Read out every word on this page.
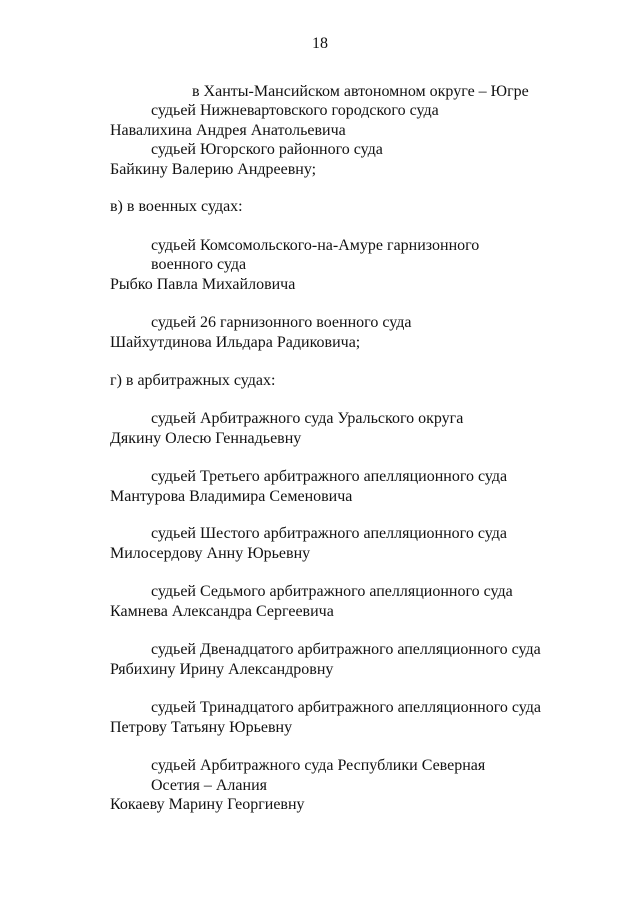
18
в Ханты-Мансийском автономном округе – Югре
судьей Нижневартовского городского суда
Навалихина Андрея Анатольевича
судьей Югорского районного суда
Байкину Валерию Андреевну;
в) в военных судах:
судьей Комсомольского-на-Амуре гарнизонного
военного суда
Рыбко Павла Михайловича
судьей 26 гарнизонного военного суда
Шайхутдинова Ильдара Радиковича;
г) в арбитражных судах:
судьей Арбитражного суда Уральского округа
Дякину Олесю Геннадьевну
судьей Третьего арбитражного апелляционного суда
Мантурова Владимира Семеновича
судьей Шестого арбитражного апелляционного суда
Милосердову Анну Юрьевну
судьей Седьмого арбитражного апелляционного суда
Камнева Александра Сергеевича
судьей Двенадцатого арбитражного апелляционного суда
Рябихину Ирину Александровну
судьей Тринадцатого арбитражного апелляционного суда
Петрову Татьяну Юрьевну
судьей Арбитражного суда Республики Северная
Осетия – Алания
Кокаеву Марину Георгиевну
